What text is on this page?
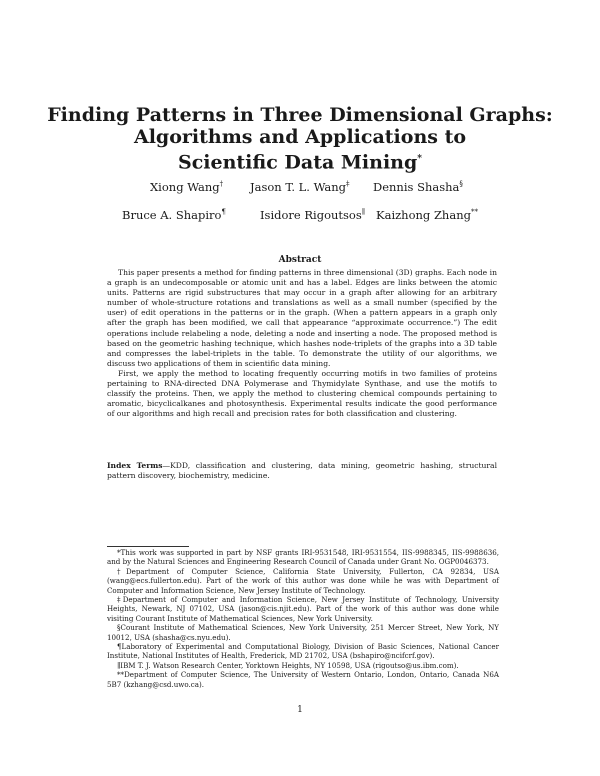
Finding Patterns in Three Dimensional Graphs:
Algorithms and Applications to
Scientific Data Mining*
Xiong Wang† Jason T. L. Wang‡ Dennis Shasha§
Bruce A. Shapiro¶	Isidore Rigoutsos∥ Kaizhong Zhang**
Abstract

This paper presents a method for finding patterns in three dimensional (3D) graphs. Each node in a graph is an undecomposable or atomic unit and has a label. Edges are links between the atomic units. Patterns are rigid substructures that may occur in a graph after allowing for an arbitrary number of whole-structure rotations and translations as well as a small number (specified by the user) of edit operations in the patterns or in the graph. (When a pattern appears in a graph only after the graph has been modified, we call that appearance “approximate occurrence.”) The edit operations include relabeling a node, deleting a node and inserting a node. The proposed method is based on the geometric hashing technique, which hashes node-triplets of the graphs into a 3D table and compresses the label-triplets in the table. To demonstrate the utility of our algorithms, we discuss two applications of them in scientific data mining.

First, we apply the method to locating frequently occurring motifs in two families of proteins pertaining to RNA-directed DNA Polymerase and Thymidylate Synthase, and use the motifs to classify the proteins. Then, we apply the method to clustering chemical compounds pertaining to aromatic, bicyclicalkanes and photosynthesis. Experimental results indicate the good performance of our algorithms and high recall and precision rates for both classification and clustering.

Index Terms—KDD, classification and clustering, data mining, geometric hashing, structural pattern discovery, biochemistry, medicine.

*This work was supported in part by NSF grants IRI-9531548, IRI-9531554, IIS-9988345, IIS-9988636, and by the Natural Sciences and Engineering Research Council of Canada under Grant No. OGP0046373.

†Department of Computer Science, California State University, Fullerton, CA 92834, USA (wang@ecs.fullerton.edu). Part of the work of this author was done while he was with Department of Computer and Information Science, New Jersey Institute of Technology.

‡Department of Computer and Information Science, New Jersey Institute of Technology, University Heights, Newark, NJ 07102, USA (jason@cis.njit.edu). Part of the work of this author was done while visiting Courant Institute of Mathematical Sciences, New York University.

§Courant Institute of Mathematical Sciences, New York University, 251 Mercer Street, New York, NY 10012, USA (shasha@cs.nyu.edu).

¶Laboratory of Experimental and Computational Biology, Division of Basic Sciences, National Cancer Institute, National Institutes of Health, Frederick, MD 21702, USA (bshapiro@ncifcrf.gov).

∥IBM T. J. Watson Research Center, Yorktown Heights, NY 10598, USA (rigoutso@us.ibm.com).

**Department of Computer Science, The University of Western Ontario, London, Ontario, Canada N6A 5B7 (kzhang@csd.uwo.ca).

1
